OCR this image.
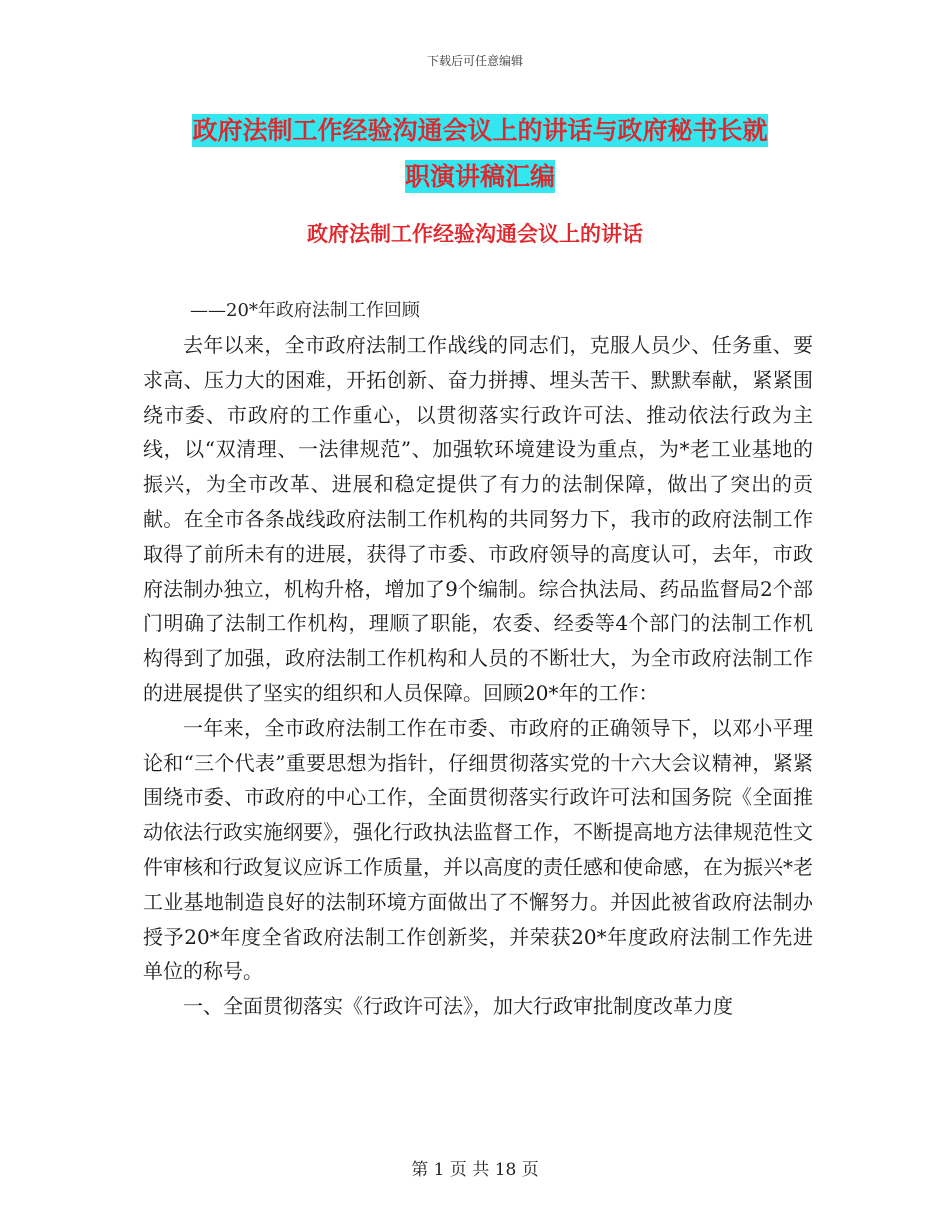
下载后可任意编辑
政府法制工作经验沟通会议上的讲话与政府秘书长就
职演讲稿汇编
政府法制工作经验沟通会议上的讲话
——20*年政府法制工作回顾

去年以来，全市政府法制工作战线的同志们，克服人员少、任务重、要求高、压力大的困难，开拓创新、奋力拼搏、埋头苦干、默默奉献，紧紧围绕市委、市政府的工作重心，以贯彻落实行政许可法、推动依法行政为主线，以“双清理、一法律规范”、加强软环境建设为重点，为*老工业基地的振兴，为全市改革、进展和稳定提供了有力的法制保障，做出了突出的贡献。在全市各条战线政府法制工作机构的共同努力下，我市的政府法制工作取得了前所未有的进展，获得了市委、市政府领导的高度认可，去年，市政府法制办独立，机构升格，增加了9个编制。综合执法局、药品监督局2个部门明确了法制工作机构，理顺了职能，农委、经委等4个部门的法制工作机构得到了加强，政府法制工作机构和人员的不断壮大，为全市政府法制工作的进展提供了坚实的组织和人员保障。回顾20*年的工作：

一年来，全市政府法制工作在市委、市政府的正确领导下，以邓小平理论和“三个代表”重要思想为指针，仔细贯彻落实党的十六大会议精神，紧紧围绕市委、市政府的中心工作，全面贯彻落实行政许可法和国务院《全面推动依法行政实施纲要》，强化行政执法监督工作，不断提高地方法律规范性文件审核和行政复议应诉工作质量，并以高度的责任感和使命感，在为振兴*老工业基地制造良好的法制环境方面做出了不懈努力。并因此被省政府法制办授予20*年度全省政府法制工作创新奖，并荣获20*年度政府法制工作先进单位的称号。

一、全面贯彻落实《行政许可法》，加大行政审批制度改革力度

第 1 页 共 18 页
